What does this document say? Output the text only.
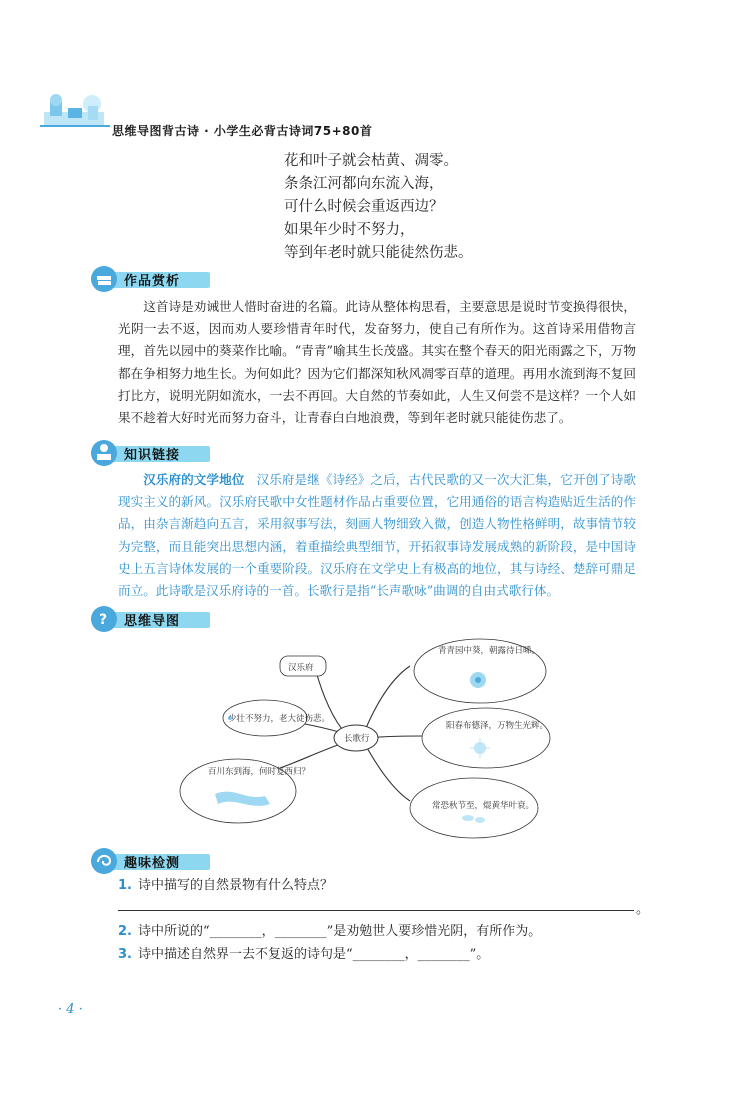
思维导图背古诗 · 小学生必背古诗词75+80首
花和叶子就会枯黄、凋零。
条条江河都向东流入海，
可什么时候会重返西边？
如果年少时不努力，
等到年老时就只能徒然伤悲。
作品赏析

这首诗是劝诫世人惜时奋进的名篇。此诗从整体构思看，主要意思是说时节变换得很快，光阴一去不返，因而劝人要珍惜青年时代，发奋努力，使自己有所作为。这首诗采用借物言理，首先以园中的葵菜作比喻。“青青”喻其生长茂盛。其实在整个春天的阳光雨露之下，万物都在争相努力地生长。为何如此？因为它们都深知秋风凋零百草的道理。再用水流到海不复回打比方，说明光阴如流水，一去不再回。大自然的节奏如此，人生又何尝不是这样？一个人如果不趁着大好时光而努力奋斗，让青春白白地浪费，等到年老时就只能徒伤悲了。

知识链接

汉乐府的文学地位 汉乐府是继《诗经》之后，古代民歌的又一次大汇集，它开创了诗歌现实主义的新风。汉乐府民歌中女性题材作品占重要位置，它用通俗的语言构造贴近生活的作品，由杂言渐趋向五言，采用叙事写法，刻画人物细致入微，创造人物性格鲜明，故事情节较为完整，而且能突出思想内涵，着重描绘典型细节，开拓叙事诗发展成熟的新阶段，是中国诗史上五言诗体发展的一个重要阶段。汉乐府在文学史上有极高的地位，其与诗经、楚辞可鼎足而立。此诗歌是汉乐府诗的一首。长歌行是指“长声歌咏”曲调的自由式歌行体。

? 思维导图
长歌行
汉乐府
少壮不努力，老大徒伤悲。
百川东到海，何时复西归？
青青园中葵，朝露待日晞。
阳春布德泽，万物生光辉。
常恐秋节至，焜黄华叶衰。
趣味检测
1. 诗中描写的自然景物有什么特点？
。
2. 诗中所说的“________，________”是劝勉世人要珍惜光阴，有所作为。
3. 诗中描述自然界一去不复返的诗句是“________，________”。
· 4 ·
